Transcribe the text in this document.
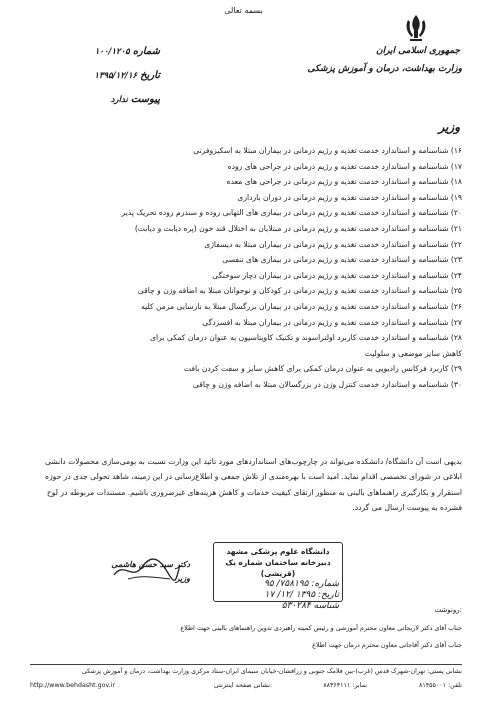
بسمه تعالی
جمهوری اسلامی ایران
وزارت بهداشت، درمان و آموزش پزشکی
شماره ۱۰۰/۱۲۰۵
تاریخ ۱۳۹۵/۱۲/۱۶
پیوست ندارد
وزیر
۱۶) شناسنامه و استاندارد خدمت تغذیه و رژیم درمانی در بیماران مبتلا به اسکیزوفرنی
۱۷) شناسنامه و استاندارد خدمت تغذیه و رژیم درمانی در جراحی های روده
۱۸) شناسنامه و استاندارد خدمت تغذیه و رژیم درمانی در جراحی های معده
۱۹) شناسنامه و استاندارد خدمت تغذیه و رژیم درمانی در دوران بارداری
۲۰) شناسنامه و استاندارد خدمت تغذیه و رژیم درمانی در بیماری های التهابی روده و سندرم روده تحریک پذیر
۲۱) شناسنامه و استاندارد خدمت تغذیه و رژیم درمانی در مبتلایان به اختلال قند خون (پره دیابت و دیابت)
۲۲) شناسنامه و استاندارد خدمت تغذیه و رژیم درمانی در بیماران مبتلا به دیسفاژی
۲۳) شناسنامه و استاندارد خدمت تغذیه و رژیم درمانی در بیماری های تنفسی
۲۴) شناسنامه و استاندارد خدمت تغذیه و رژیم درمانی در بیماران دچار سوختگی
۲۵) شناسنامه و استاندارد خدمت تغذیه و رژیم درمانی در کودکان و نوجوانان مبتلا به اضافه وزن و چاقی
۲۶) شناسنامه و استاندارد خدمت تغذیه و رژیم درمانی در بیماران بزرگسال مبتلا به نارسایی مزمن کلیه
۲۷) شناسنامه و استاندارد خدمت تغذیه و رژیم درمانی در بیماران مبتلا به افسردگی
۲۸) شناسنامه و استاندارد خدمت کاربرد اولتراسوند و تکنیک کاویتاسیون به عنوان درمان کمکی برای
کاهش سایز موضعی و سلولیت
۲۹) کاربرد فرکانس رادیویی به عنوان درمان کمکی برای کاهش سایز و سفت کردن بافت
۳۰) شناسنامه و استاندارد خدمت کنترل وزن در بزرگسالان مبتلا به اضافه وزن و چاقی
بدیهی است آن دانشگاه/ دانشکده می‌تواند در چارچوب‌های استانداردهای مورد تائید این وزارت نسبت به بومی‌سازی محصولات دانشی ابلاغی در شورای تخصصی اقدام نماید. امید است با بهره‌مندی از تلاش جمعی و اطلاع‌رسانی در این زمینه، شاهد تحولی جدی در حوزه استقرار و بکارگیری راهنماهای بالینی به منظور ارتقای کیفیت خدمات و کاهش هزینه‌های غیرضروری باشیم. مستندات مربوطه در لوح فشرده به پیوست ارسال می گردد.
دانشگاه علوم پزشکی مشهد
دبیرخانه ساختمان شماره یک (قریشی)
شماره: ۷۵۸۱۹۵/ ۹۵
تاریخ: ۱۳۹۵ /۱۲/ ۱۷
شناسه ۵۳۰۲۸۴
دکتر سید حسن هاشمی
وزیر
رونوشت:
جناب آقای دکتر لاریجانی معاون محترم آموزشی و رئیس کمیته راهبردی تدوین راهنماهای بالینی جهت اطلاع
جناب آقای دکتر آقاجانی معاون محترم درمان جهت اطلاع
نشانی پستی: تهران-شهرک قدس (غرب)-بین فلامک جنوبی و زرافشان-خیابان سیمای ایران-ستاد مرکزی وزارت بهداشت، درمان و آموزش پزشکی
تلفن: ۸۱۴۵۵۰۰۱
نمابر: ۸۸۳۶۴۱۱۱
نشانی صفحه اینترنتی:
http://www.behdasht.gov.ir
